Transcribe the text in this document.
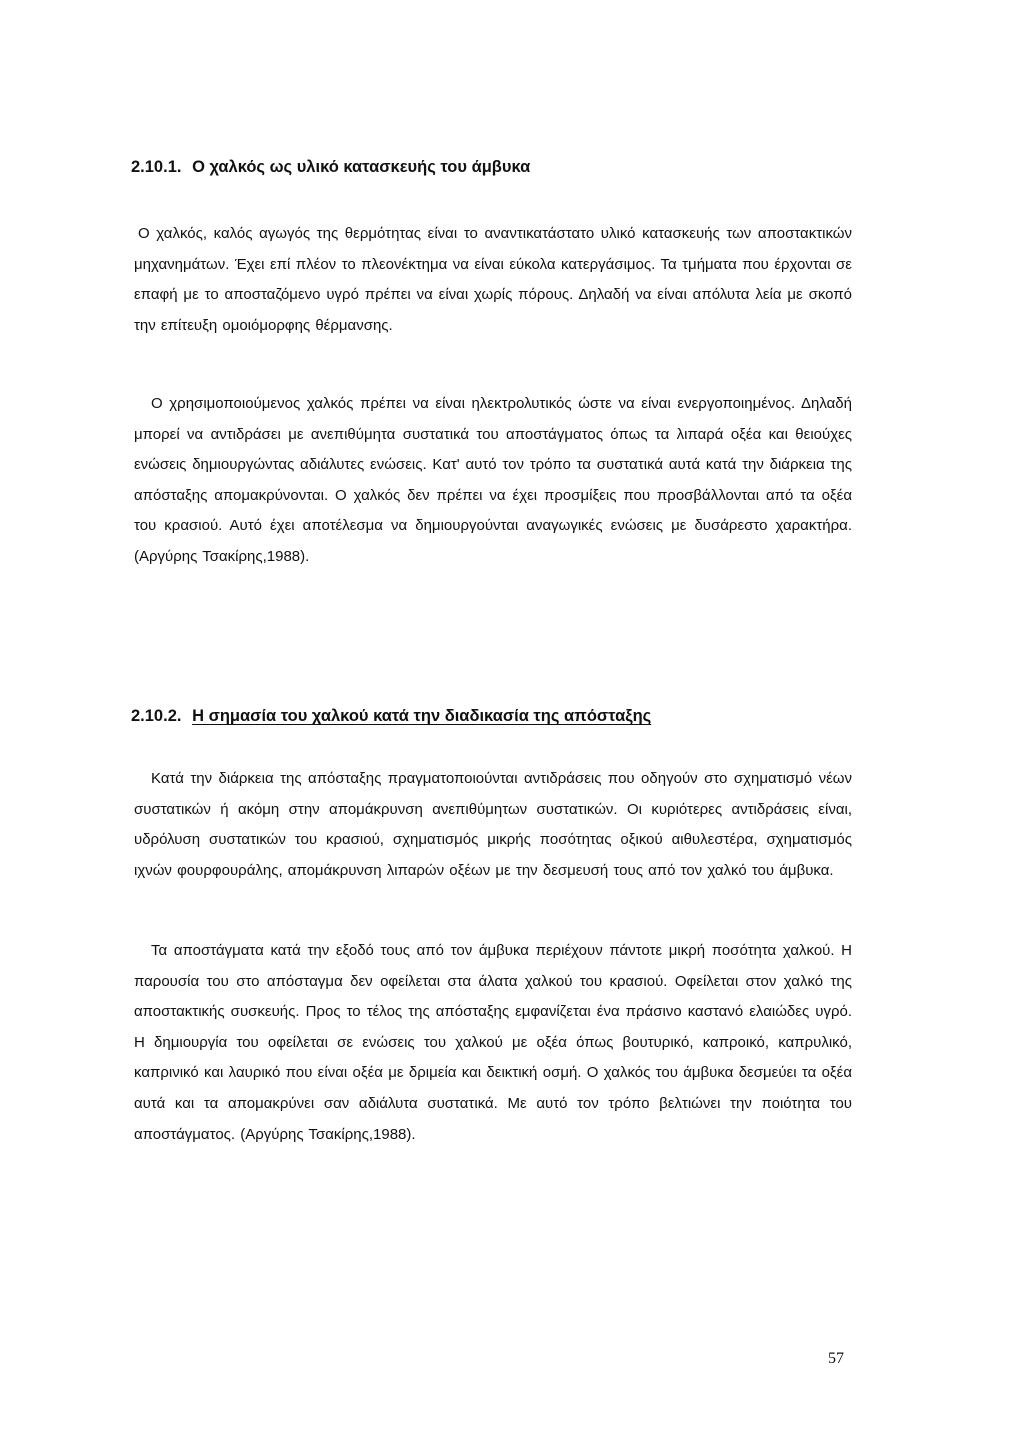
2.10.1. Ο χαλκός ως υλικό κατασκευής του άμβυκα

Ο χαλκός, καλός αγωγός της θερμότητας είναι το αναντικατάστατο υλικό κατασκευής των αποστακτικών μηχανημάτων. Έχει επί πλέον το πλεονέκτημα να είναι εύκολα κατεργάσιμος. Τα τμήματα που έρχονται σε επαφή με το αποσταζόμενο υγρό πρέπει να είναι χωρίς πόρους. Δηλαδή να είναι απόλυτα λεία με σκοπό την επίτευξη ομοιόμορφης θέρμανσης.

Ο χρησιμοποιούμενος χαλκός πρέπει να είναι ηλεκτρολυτικός ώστε να είναι ενεργοποιημένος. Δηλαδή μπορεί να αντιδράσει με ανεπιθύμητα συστατικά του αποστάγματος όπως τα λιπαρά οξέα και θειούχες ενώσεις δημιουργώντας αδιάλυτες ενώσεις. Κατ' αυτό τον τρόπο τα συστατικά αυτά κατά την διάρκεια της απόσταξης απομακρύνονται. Ο χαλκός δεν πρέπει να έχει προσμίξεις που προσβάλλονται από τα οξέα του κρασιού. Αυτό έχει αποτέλεσμα να δημιουργούνται αναγωγικές ενώσεις με δυσάρεστο χαρακτήρα. (Αργύρης Τσακίρης,1988).

2.10.2. Η σημασία του χαλκού κατά την διαδικασία της απόσταξης

Κατά την διάρκεια της απόσταξης πραγματοποιούνται αντιδράσεις που οδηγούν στο σχηματισμό νέων συστατικών ή ακόμη στην απομάκρυνση ανεπιθύμητων συστατικών. Οι κυριότερες αντιδράσεις είναι, υδρόλυση συστατικών του κρασιού, σχηματισμός μικρής ποσότητας οξικού αιθυλεστέρα, σχηματισμός ιχνών φουρφουράλης, απομάκρυνση λιπαρών οξέων με την δεσμευσή τους από τον χαλκό του άμβυκα.

Τα αποστάγματα κατά την εξοδό τους από τον άμβυκα περιέχουν πάντοτε μικρή ποσότητα χαλκού. Η παρουσία του στο απόσταγμα δεν οφείλεται στα άλατα χαλκού του κρασιού. Οφείλεται στον χαλκό της αποστακτικής συσκευής. Προς το τέλος της απόσταξης εμφανίζεται ένα πράσινο καστανό ελαιώδες υγρό. Η δημιουργία του οφείλεται σε ενώσεις του χαλκού με οξέα όπως βουτυρικό, καπροικό, καπρυλικό, καπρινικό και λαυρικό που είναι οξέα με δριμεία και δεικτική οσμή. Ο χαλκός του άμβυκα δεσμεύει τα οξέα αυτά και τα απομακρύνει σαν αδιάλυτα συστατικά. Με αυτό τον τρόπο βελτιώνει την ποιότητα του αποστάγματος. (Αργύρης Τσακίρης,1988).

57
